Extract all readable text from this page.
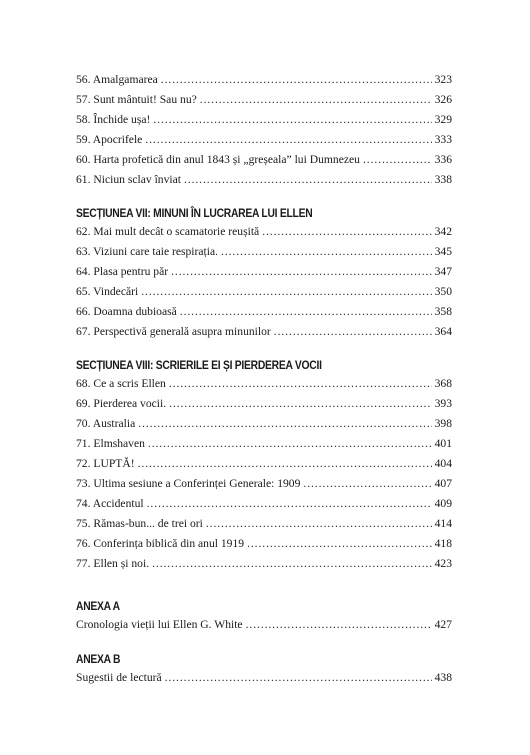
56. Amalgamarea . . .	323
57. Sunt mântuit! Sau nu? . . .	326
58. Închide ușa! . . .	329
59. Apocrifele . . .	333
60. Harta profetică din anul 1843 și „greșeala” lui Dumnezeu . . .	336
61. Niciun sclav înviat . . .	338
SECȚIUNEA VII: MINUNI ÎN LUCRAREA LUI ELLEN
62. Mai mult decât o scamatorie reușită . . .	342
63. Viziuni care taie respirația. . . .	345
64. Plasa pentru păr . . .	347
65. Vindecări . . .	350
66. Doamna dubioasă . . .	358
67. Perspectivă generală asupra minunilor . . .	364
SECȚIUNEA VIII: SCRIERILE EI ȘI PIERDEREA VOCII
68. Ce a scris Ellen . . .	368
69. Pierderea vocii. . . .	393
70. Australia . . .	398
71. Elmshaven . . .	401
72. LUPTĂ! . . .	404
73. Ultima sesiune a Conferinței Generale: 1909 . . .	407
74. Accidentul . . .	409
75. Rămas-bun... de trei ori . . .	414
76. Conferința biblică din anul 1919 . . .	418
77. Ellen și noi. . . .	423
ANEXA A
Cronologia vieții lui Ellen G. White . . .	427
ANEXA B
Sugestii de lectură . . .	438
